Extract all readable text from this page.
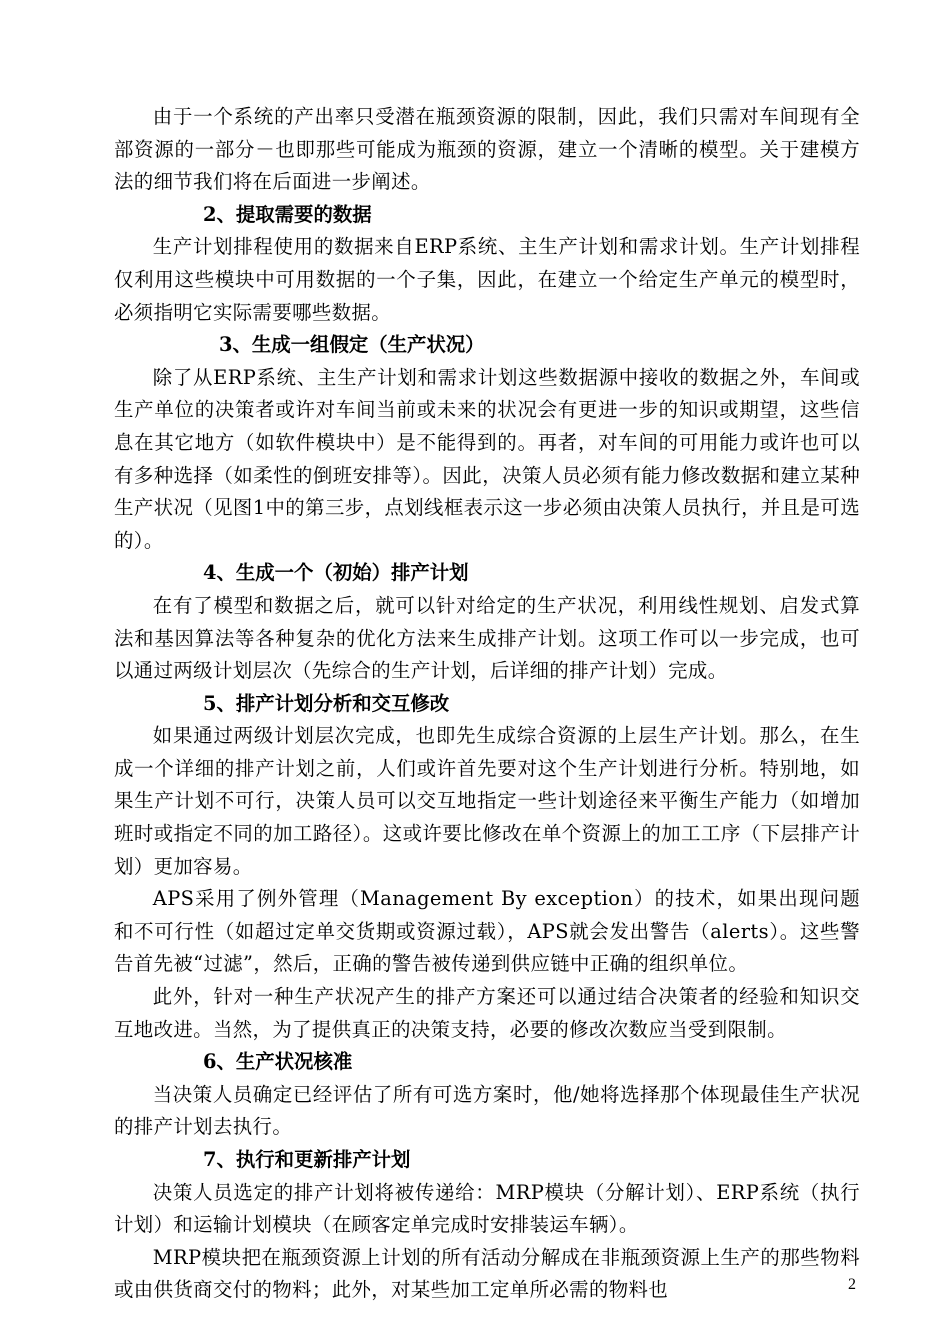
由于一个系统的产出率只受潜在瓶颈资源的限制，因此，我们只需对车间现有全部资源的一部分－也即那些可能成为瓶颈的资源，建立一个清晰的模型。关于建模方法的细节我们将在后面进一步阐述。

2、提取需要的数据

生产计划排程使用的数据来自ERP系统、主生产计划和需求计划。生产计划排程仅利用这些模块中可用数据的一个子集，因此，在建立一个给定生产单元的模型时，必须指明它实际需要哪些数据。

3、生成一组假定（生产状况）

除了从ERP系统、主生产计划和需求计划这些数据源中接收的数据之外，车间或生产单位的决策者或许对车间当前或未来的状况会有更进一步的知识或期望，这些信息在其它地方（如软件模块中）是不能得到的。再者，对车间的可用能力或许也可以有多种选择（如柔性的倒班安排等）。因此，决策人员必须有能力修改数据和建立某种生产状况（见图1中的第三步，点划线框表示这一步必须由决策人员执行，并且是可选的）。

4、生成一个（初始）排产计划

在有了模型和数据之后，就可以针对给定的生产状况，利用线性规划、启发式算法和基因算法等各种复杂的优化方法来生成排产计划。这项工作可以一步完成，也可以通过两级计划层次（先综合的生产计划，后详细的排产计划）完成。

5、排产计划分析和交互修改

如果通过两级计划层次完成，也即先生成综合资源的上层生产计划。那么，在生成一个详细的排产计划之前，人们或许首先要对这个生产计划进行分析。特别地，如果生产计划不可行，决策人员可以交互地指定一些计划途径来平衡生产能力（如增加班时或指定不同的加工路径）。这或许要比修改在单个资源上的加工工序（下层排产计划）更加容易。

APS采用了例外管理（Management By exception）的技术，如果出现问题和不可行性（如超过定单交货期或资源过载），APS就会发出警告（alerts）。这些警告首先被“过滤”，然后，正确的警告被传递到供应链中正确的组织单位。

此外，针对一种生产状况产生的排产方案还可以通过结合决策者的经验和知识交互地改进。当然，为了提供真正的决策支持，必要的修改次数应当受到限制。

6、生产状况核准

当决策人员确定已经评估了所有可选方案时，他/她将选择那个体现最佳生产状况的排产计划去执行。

7、执行和更新排产计划

决策人员选定的排产计划将被传递给：MRP模块（分解计划）、ERP系统（执行计划）和运输计划模块（在顾客定单完成时安排装运车辆）。

MRP模块把在瓶颈资源上计划的所有活动分解成在非瓶颈资源上生产的那些物料或由供货商交付的物料；此外，对某些加工定单所必需的物料也	2
